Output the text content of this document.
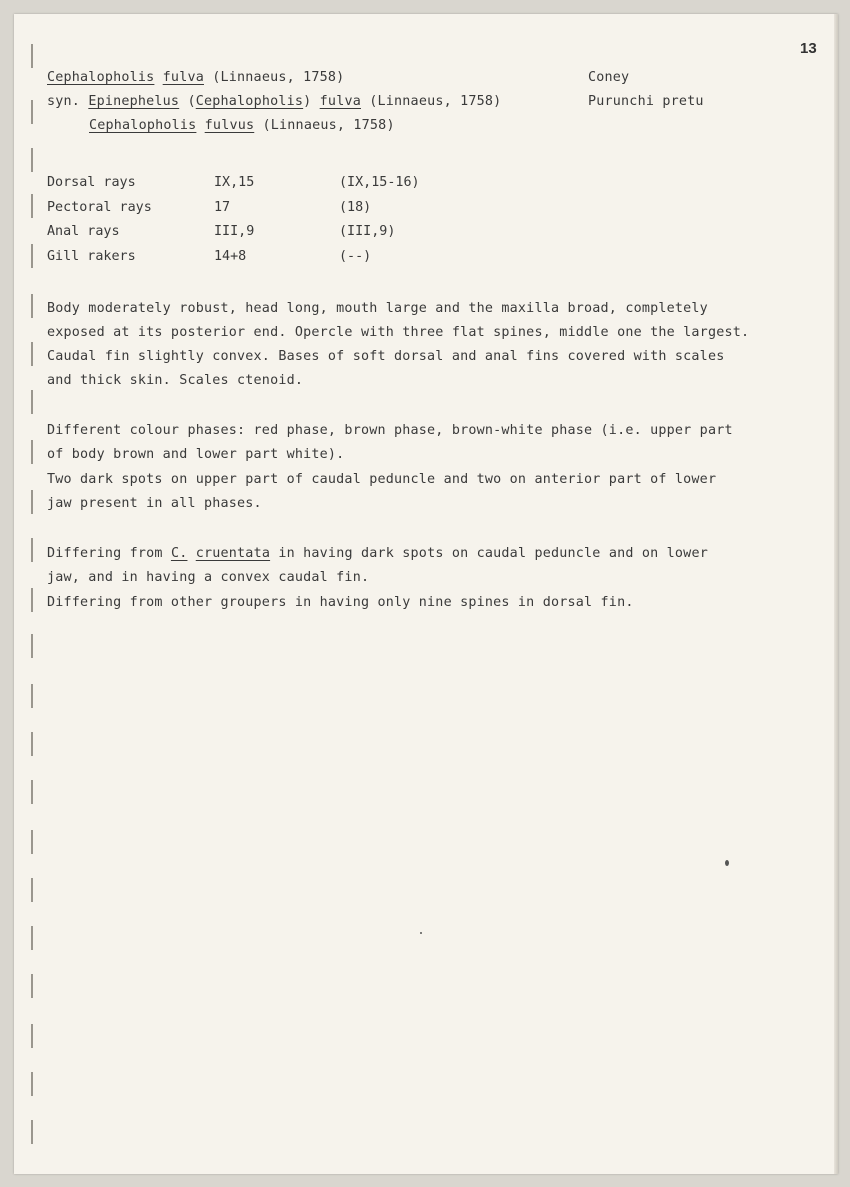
13
Cephalopholis fulva (Linnaeus, 1758)	Coney
syn. Epinephelus (Cephalopholis) fulva (Linnaeus, 1758)	Purunchi pretu
Cephalopholis fulvus (Linnaeus, 1758)
Dorsal rays	IX,15	(IX,15-16)
Pectoral rays	17	(18)
Anal rays	III,9	(III,9)
Gill rakers	14+8	(--)
Body moderately robust, head long, mouth large and the maxilla broad, completely
exposed at its posterior end. Opercle with three flat spines, middle one the largest.
Caudal fin slightly convex. Bases of soft dorsal and anal fins covered with scales
and thick skin. Scales ctenoid.
Different colour phases: red phase, brown phase, brown-white phase (i.e. upper part
of body brown and lower part white).
Two dark spots on upper part of caudal peduncle and two on anterior part of lower
jaw present in all phases.
Differing from C. cruentata in having dark spots on caudal peduncle and on lower
jaw, and in having a convex caudal fin.
Differing from other groupers in having only nine spines in dorsal fin.
